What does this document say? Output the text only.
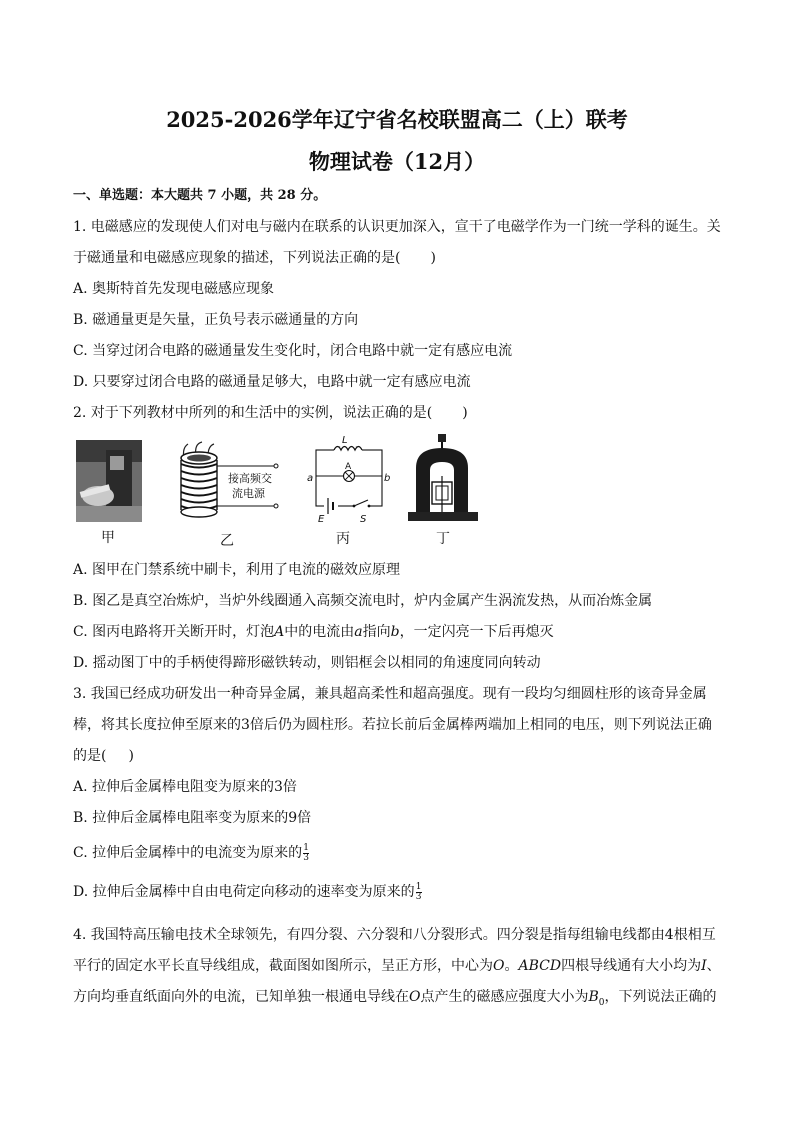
2025-2026学年辽宁省名校联盟高二（上）联考
物理试卷（12月）
一、单选题：本大题共 7 小题，共 28 分。
1. 电磁感应的发现使人们对电与磁内在联系的认识更加深入，宣干了电磁学作为一门统一学科的诞生。关
于磁通量和电磁感应现象的描述，下列说法正确的是( )
A. 奥斯特首先发现电磁感应现象
B. 磁通量更是矢量，正负号表示磁通量的方向
C. 当穿过闭合电路的磁通量发生变化时，闭合电路中就一定有感应电流
D. 只要穿过闭合电路的磁通量足够大，电路中就一定有感应电流
2. 对于下列教材中所列的和生活中的实例，说法正确的是( )
甲
接高频交
流电源
乙
L
A
a	b
E	S
丙	丁
A. 图甲在门禁系统中刷卡，利用了电流的磁效应原理
B. 图乙是真空冶炼炉，当炉外线圈通入高频交流电时，炉内金属产生涡流发热，从而冶炼金属
C. 图丙电路将开关断开时，灯泡A中的电流由a指向b，一定闪亮一下后再熄灭
D. 摇动图丁中的手柄使得蹄形磁铁转动，则铝框会以相同的角速度同向转动
3. 我国已经成功研发出一种奇异金属，兼具超高柔性和超高强度。现有一段均匀细圆柱形的该奇异金属
棒，将其长度拉伸至原来的3倍后仍为圆柱形。若拉长前后金属棒两端加上相同的电压，则下列说法正确
的是( )
A. 拉伸后金属棒电阻变为原来的3倍
B. 拉伸后金属棒电阻率变为原来的9倍
C. 拉伸后金属棒中的电流变为原来的 $\frac{1}{3}$
D. 拉伸后金属棒中自由电荷定向移动的速率变为原来的 $\frac{1}{3}$
4. 我国特高压输电技术全球领先，有四分裂、六分裂和八分裂形式。四分裂是指每组输电线都由4根相互
平行的固定水平长直导线组成，截面图如图所示，呈正方形，中心为O。ABCD四根导线通有大小均为I、
方向均垂直纸面向外的电流，已知单独一根通电导线在O点产生的磁感应强度大小为$B_0$，下列说法正确的
